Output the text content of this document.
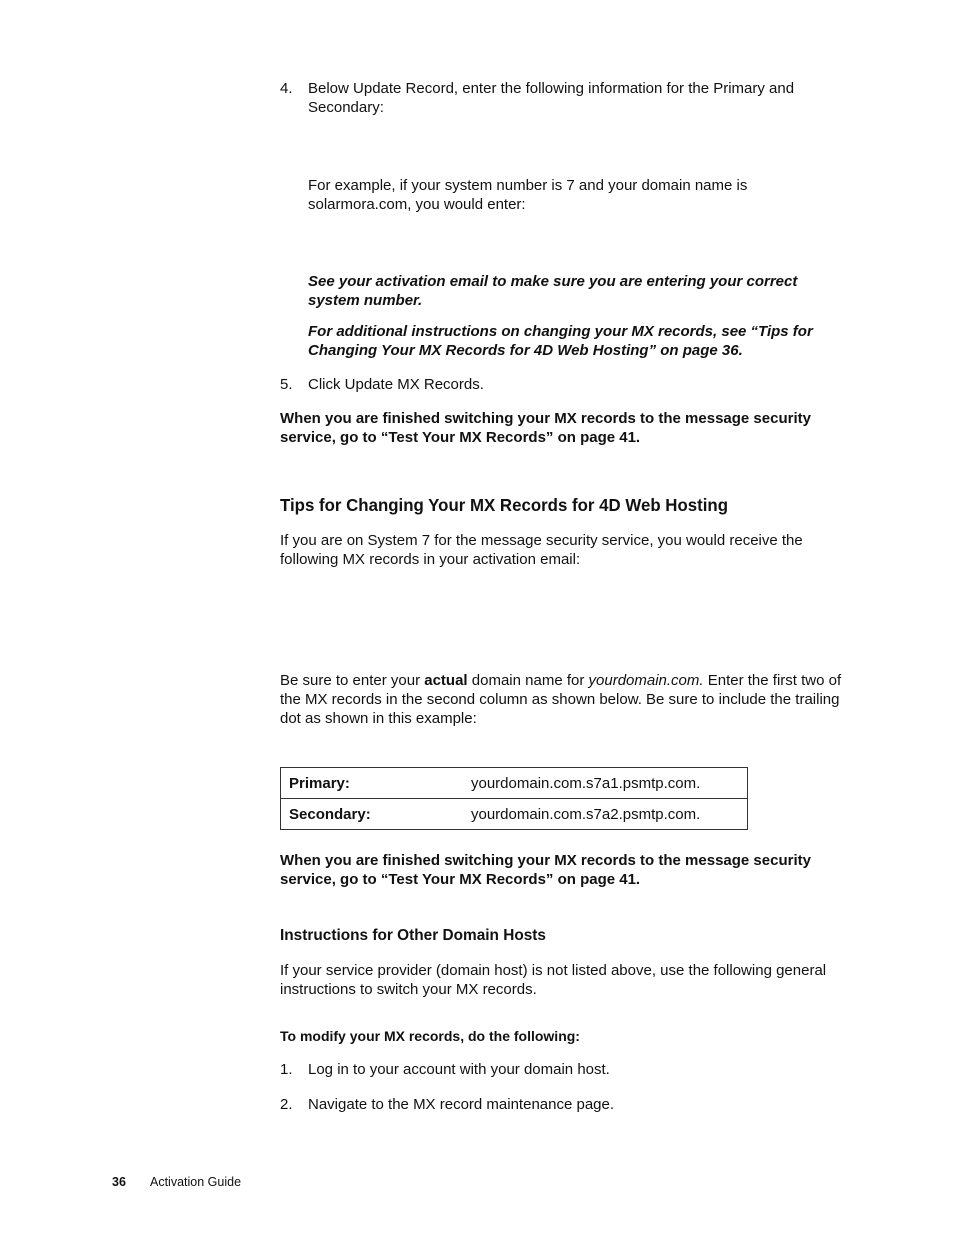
4. Below Update Record, enter the following information for the Primary and Secondary:
For example, if your system number is 7 and your domain name is solarmora.com, you would enter:
See your activation email to make sure you are entering your correct system number.
For additional instructions on changing your MX records, see “Tips for Changing Your MX Records for 4D Web Hosting” on page 36.
5. Click Update MX Records.
When you are finished switching your MX records to the message security service, go to “Test Your MX Records” on page 41.
Tips for Changing Your MX Records for 4D Web Hosting
If you are on System 7 for the message security service, you would receive the following MX records in your activation email:
Be sure to enter your actual domain name for yourdomain.com. Enter the first two of the MX records in the second column as shown below. Be sure to include the trailing dot as shown in this example:
Primary:	yourdomain.com.s7a1.psmtp.com.
Secondary:	yourdomain.com.s7a2.psmtp.com.
When you are finished switching your MX records to the message security service, go to “Test Your MX Records” on page 41.
Instructions for Other Domain Hosts
If your service provider (domain host) is not listed above, use the following general instructions to switch your MX records.
To modify your MX records, do the following:
1. Log in to your account with your domain host.
2. Navigate to the MX record maintenance page.
36 Activation Guide
